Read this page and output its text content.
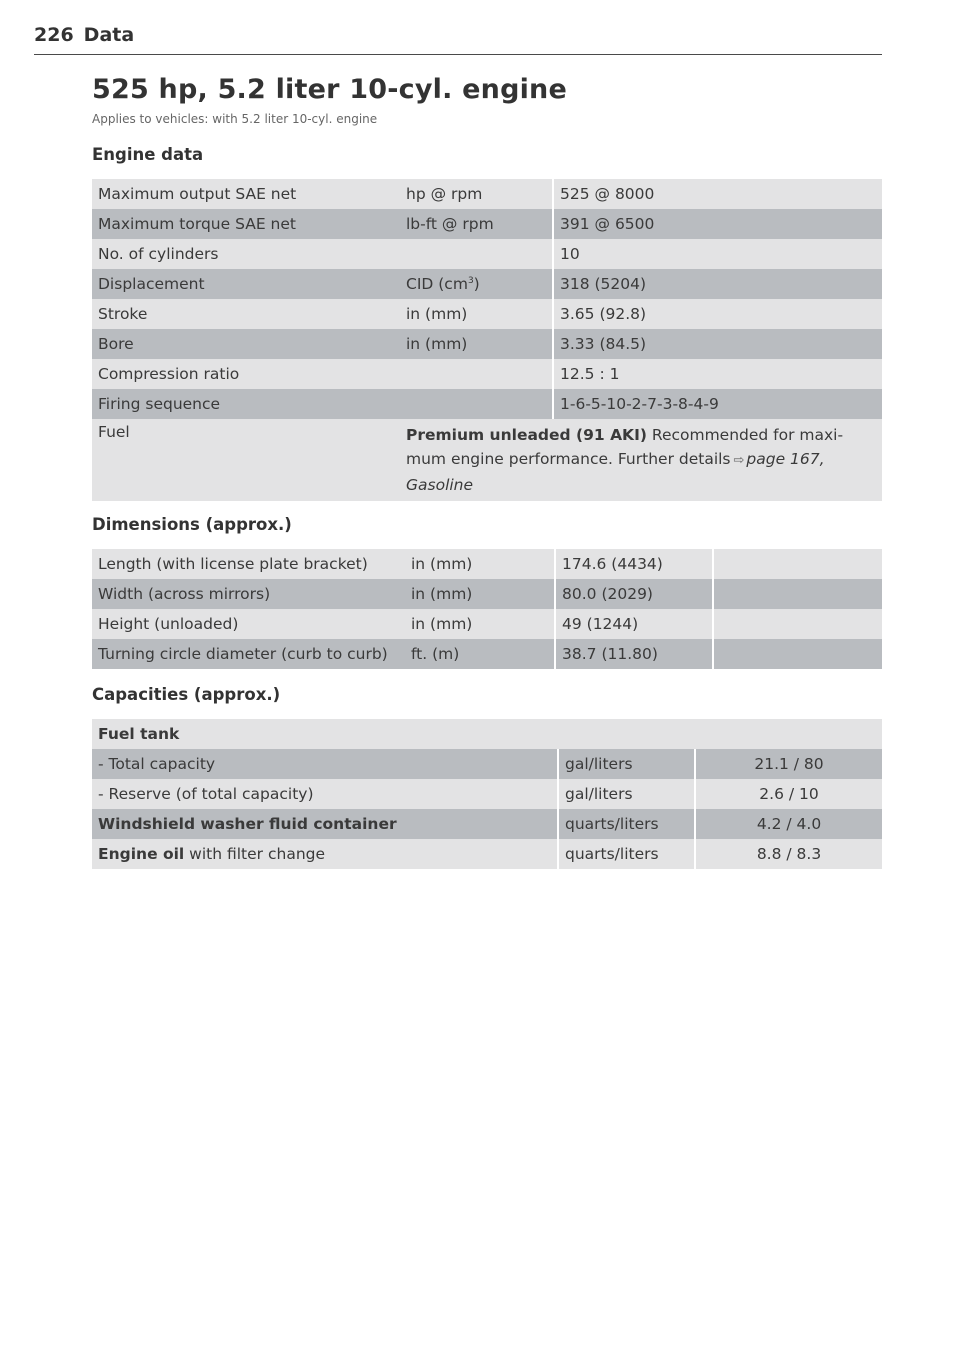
226 Data
525 hp, 5.2 liter 10-cyl. engine
Applies to vehicles: with 5.2 liter 10-cyl. engine
Engine data
Maximum output SAE net	hp @ rpm	525 @ 8000
Maximum torque SAE net	lb-ft @ rpm	391 @ 6500
No. of cylinders		10
Displacement	CID $(cm^3)$	318 (5204)
Stroke	in (mm)	3.65 (92.8)
Bore	in (mm)	3.33 (84.5)
Compression ratio		12.5 : 1
Firing sequence		1-6-5-10-2-7-3-8-4-9
Fuel	Premium unleaded (91 AKI) Recommended for maxi-mum engine performance. Further details ⇨ page 167, Gasoline	
Dimensions (approx.)
Length (with license plate bracket)	in (mm)	174.6 (4434)	
Width (across mirrors)	in (mm)	80.0 (2029)	
Height (unloaded)	in (mm)	49 (1244)	
Turning circle diameter (curb to curb)	ft. (m)	38.7 (11.80)	
Capacities (approx.)
Fuel tank		
- Total capacity	gal/liters	21.1 / 80
- Reserve (of total capacity)	gal/liters	2.6 / 10
Windshield washer fluid container	quarts/liters	4.2 / 4.0
Engine oil with filter change	quarts/liters	8.8 / 8.3
